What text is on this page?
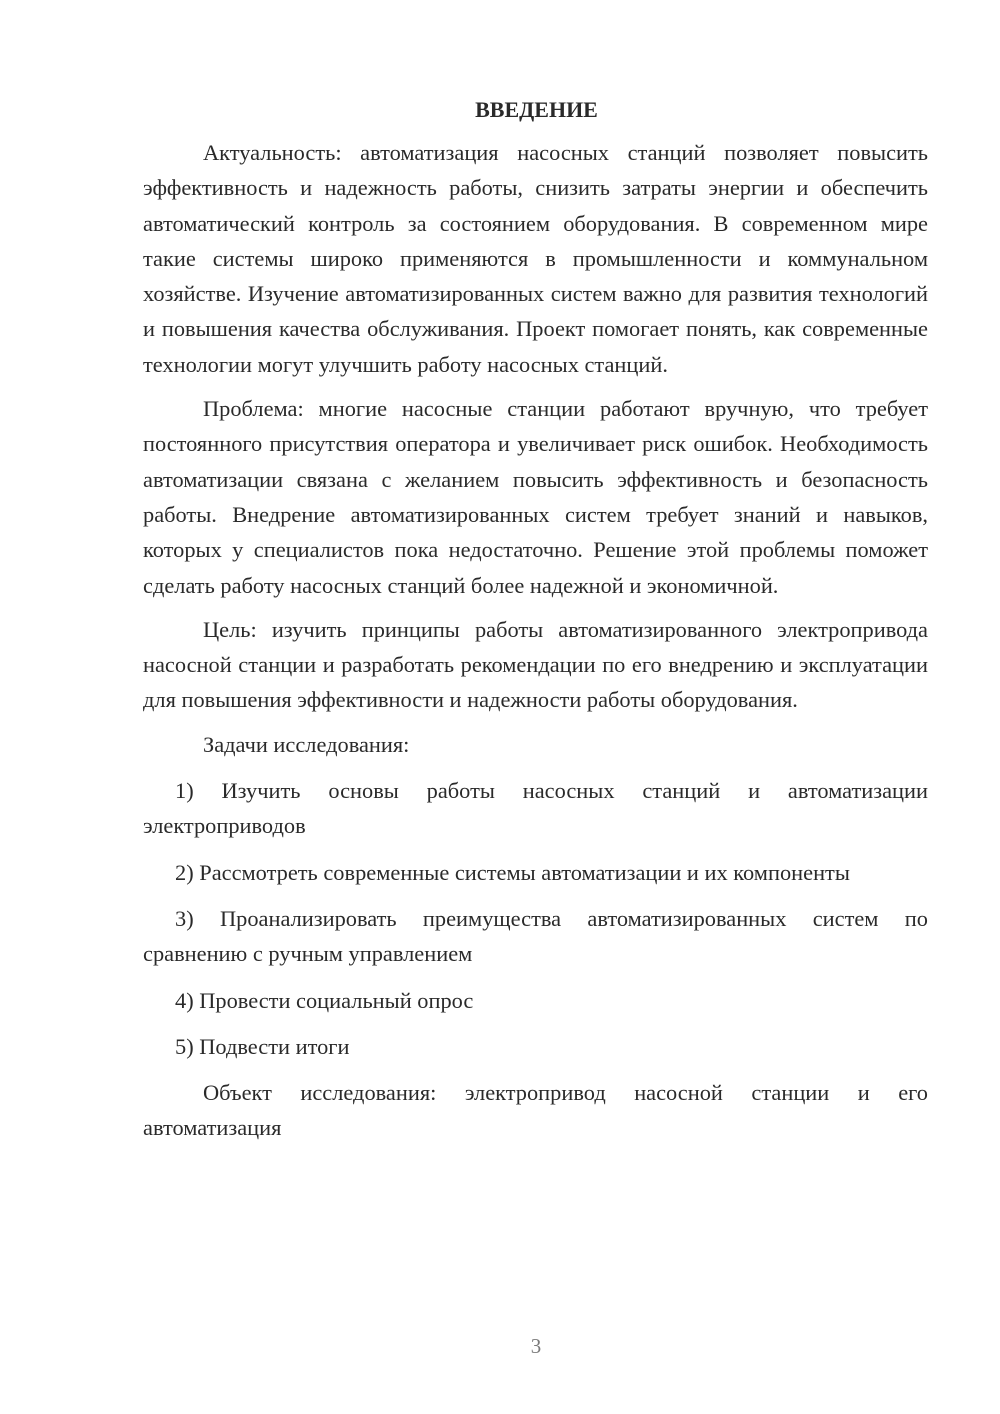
ВВЕДЕНИЕ

Актуальность: автоматизация насосных станций позволяет повысить эффективность и надежность работы, снизить затраты энергии и обеспечить автоматический контроль за состоянием оборудования. В современном мире такие системы широко применяются в промышленности и коммунальном хозяйстве. Изучение автоматизированных систем важно для развития технологий и повышения качества обслуживания. Проект помогает понять, как современные технологии могут улучшить работу насосных станций.

Проблема: многие насосные станции работают вручную, что требует постоянного присутствия оператора и увеличивает риск ошибок. Необходимость автоматизации связана с желанием повысить эффективность и безопасность работы. Внедрение автоматизированных систем требует знаний и навыков, которых у специалистов пока недостаточно. Решение этой проблемы поможет сделать работу насосных станций более надежной и экономичной.

Цель: изучить принципы работы автоматизированного электропривода насосной станции и разработать рекомендации по его внедрению и эксплуатации для повышения эффективности и надежности работы оборудования.

Задачи исследования:

1) Изучить основы работы насосных станций и автоматизации электроприводов

2) Рассмотреть современные системы автоматизации и их компоненты

3) Проанализировать преимущества автоматизированных систем по сравнению с ручным управлением

4) Провести социальный опрос

5) Подвести итоги

Объект исследования: электропривод насосной станции и его автоматизация

3
